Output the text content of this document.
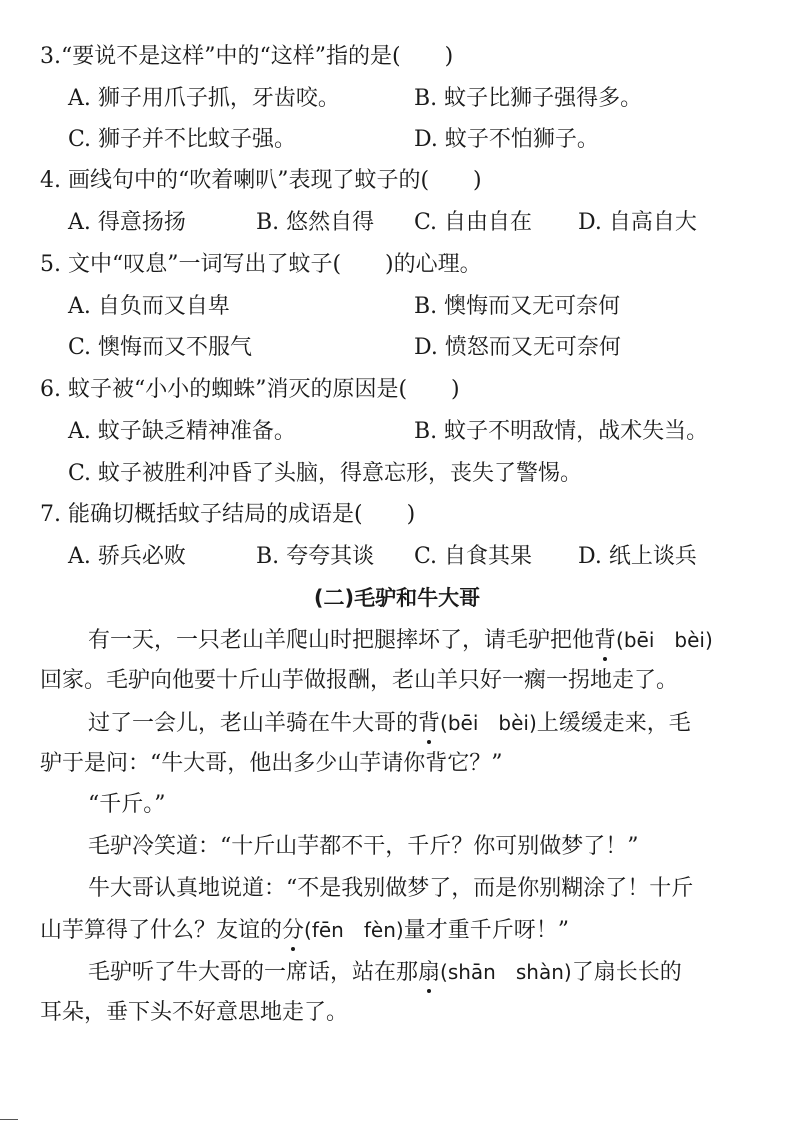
3.“要说不是这样”中的“这样”指的是(　　)
A. 狮子用爪子抓，牙齿咬。	B. 蚊子比狮子强得多。
C. 狮子并不比蚊子强。	D. 蚊子不怕狮子。
4. 画线句中的“吹着喇叭”表现了蚊子的(　　)
A. 得意扬扬	B. 悠然自得 C. 自由自在 D. 自高自大
5. 文中“叹息”一词写出了蚊子(　　)的心理。
A. 自负而又自卑	B. 懊悔而又无可奈何
C. 懊悔而又不服气	D. 愤怒而又无可奈何
6. 蚊子被“小小的蜘蛛”消灭的原因是(　　)
A. 蚊子缺乏精神准备。	B. 蚊子不明敌情，战术失当。
C. 蚊子被胜利冲昏了头脑，得意忘形，丧失了警惕。
7. 能确切概括蚊子结局的成语是(　　)
A. 骄兵必败	B. 夸夸其谈 C. 自食其果 D. 纸上谈兵
(二)毛驴和牛大哥
有一天，一只老山羊爬山时把腿摔坏了，请毛驴把他背(bēi　bèi)
回家。毛驴向他要十斤山芋做报酬，老山羊只好一瘸一拐地走了。
过了一会儿，老山羊骑在牛大哥的背(bēi　bèi)上缓缓走来，毛
驴于是问：“牛大哥，他出多少山芋请你背它？”
“千斤。”
毛驴冷笑道：“十斤山芋都不干，千斤？你可别做梦了！”
牛大哥认真地说道：“不是我别做梦了，而是你别糊涂了！十斤
山芋算得了什么？友谊的分(fēn　fèn)量才重千斤呀！”
毛驴听了牛大哥的一席话，站在那扇(shān　shàn)了扇长长的
耳朵，垂下头不好意思地走了。
